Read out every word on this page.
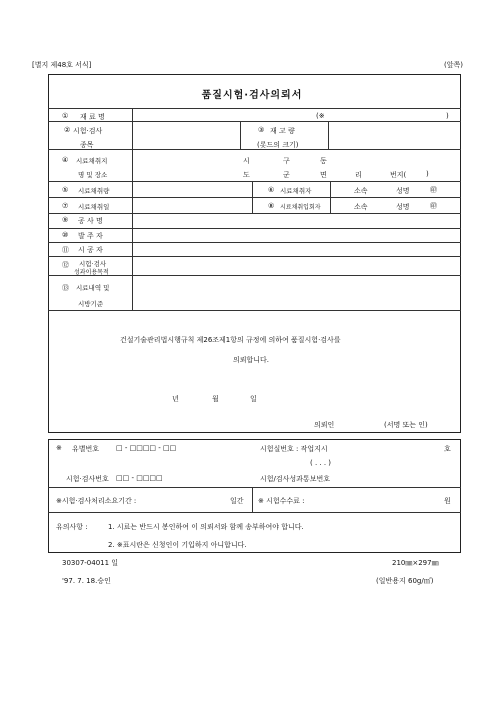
[별지 제48호 서식]	(앞쪽)
품질시험·검사의뢰서
① 재 료 명	(※	)
② 시험·검사
종목
③ 재 고 량
(롯드의 크기)
④ 시료채취지
명 및 장소
시	구	동
도	군	면	리	번지(	)
⑤ 시료채취량	⑥ 시료채취자	소속	성명	㊞
⑦ 시료채취일	⑧ 시료채취입회자	소속	성명	㊞
⑨ 공 사 명
⑩ 발 주 자
⑪ 시 공 자
⑫ 시험·검사
성과이용목적
⑬ 시료내역 및
시방기준
건설기술관리법시행규칙 제26조제1항의 규정에 의하여 품질시험·검사를
의뢰합니다.
년	월	일
의뢰인	(서명 또는 인)
※ 유별번호 □ - □□□□ - □□	시험실번호 : 작업지시	호
( . . . )
시험·검사번호 □□ - □□□□	시험/검사성과통보번호
※시험·검사처리소요기간 :	일간 ※ 시험수수료 :	원
유의사항 :	1. 시료는 반드시 봉인하여 이 의뢰서와 함께 송부하여야 합니다.
2. ※표시란은 신청인이 기입하지 아니합니다.
30307-04011 일	210㎜×297㎜
'97. 7. 18.승인	(일반용지 60g/㎡)
